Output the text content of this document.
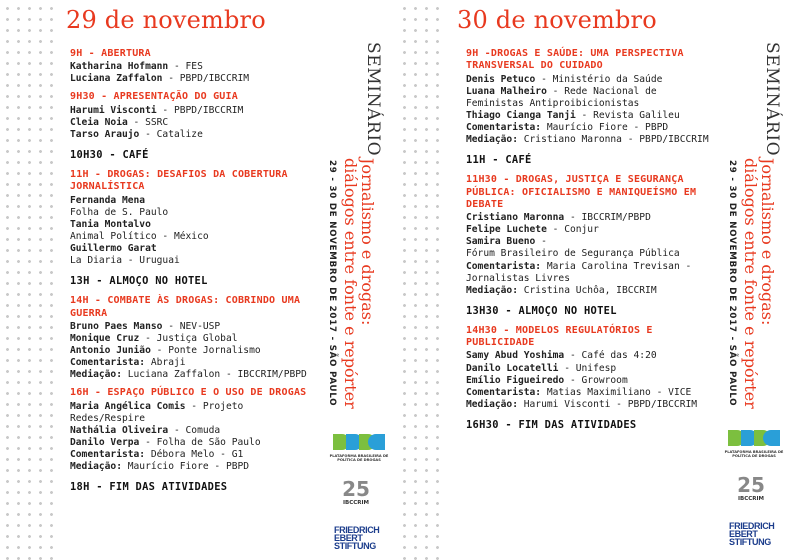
29 de novembro
9H - ABERTURA
Katharina Hofmann - FES
Luciana Zaffalon - PBPD/IBCCRIM
9H30 - APRESENTAÇÃO DO GUIA
Harumi Visconti - PBPD/IBCCRIM
Cleia Noia - SSRC
Tarso Araujo - Catalize
10H30 - CAFÉ
11H - DROGAS: DESAFIOS DA COBERTURA JORNALÍSTICA
Fernanda Mena
Folha de S. Paulo
Tania Montalvo
Animal Político - México
Guillermo Garat
La Diaria - Uruguai
13H - ALMOÇO NO HOTEL
14H - COMBATE ÀS DROGAS: COBRINDO UMA GUERRA
Bruno Paes Manso - NEV-USP
Monique Cruz - Justiça Global
Antonio Junião - Ponte Jornalismo
Comentarista: Abraji
Mediação: Luciana Zaffalon - IBCCRIM/PBPD
16H - ESPAÇO PÚBLICO E O USO DE DROGAS
Maria Angélica Comis - Projeto Redes/Respire
Nathália Oliveira - Comuda
Danilo Verpa - Folha de São Paulo
Comentarista: Débora Melo - G1
Mediação: Maurício Fiore - PBPD
18H - FIM DAS ATIVIDADES
SEMINÁRIO
Jornalismo e drogas:
diálogos entre fonte e repórter
29 - 30 DE NOVEMBRO DE 2017 - SÃO PAULO
PLATAFORMA BRASILEIRA DE POLÍTICA DE DROGAS
25
IBCCRIM
FRIEDRICH
EBERT
STIFTUNG
30 de novembro
9H -DROGAS E SAÚDE: UMA PERSPECTIVA TRANSVERSAL DO CUIDADO
Denis Petuco - Ministério da Saúde
Luana Malheiro - Rede Nacional de Feministas Antiproibicionistas
Thiago Cianga Tanji - Revista Galileu
Comentarista: Maurício Fiore - PBPD
Mediação: Cristiano Maronna - PBPD/IBCCRIM
11H - CAFÉ
11H30 - DROGAS, JUSTIÇA E SEGURANÇA PÚBLICA: OFICIALISMO E MANIQUEÍSMO EM DEBATE
Cristiano Maronna - IBCCRIM/PBPD
Felipe Luchete - Conjur
Samira Bueno -
Fórum Brasileiro de Segurança Pública
Comentarista: Maria Carolina Trevisan - Jornalistas Livres
Mediação: Cristina Uchôa, IBCCRIM
13H30 - ALMOÇO NO HOTEL
14H30 - MODELOS REGULATÓRIOS E PUBLICIDADE
Samy Abud Yoshima - Café das 4:20
Danilo Locatelli - Unifesp
Emílio Figueiredo - Growroom
Comentarista: Matias Maximiliano - VICE
Mediação: Harumi Visconti - PBPD/IBCCRIM
16H30 - FIM DAS ATIVIDADES
SEMINÁRIO
Jornalismo e drogas:
diálogos entre fonte e repórter
29 - 30 DE NOVEMBRO DE 2017 - SÃO PAULO
PLATAFORMA BRASILEIRA DE POLÍTICA DE DROGAS
25
IBCCRIM
FRIEDRICH
EBERT
STIFTUNG
